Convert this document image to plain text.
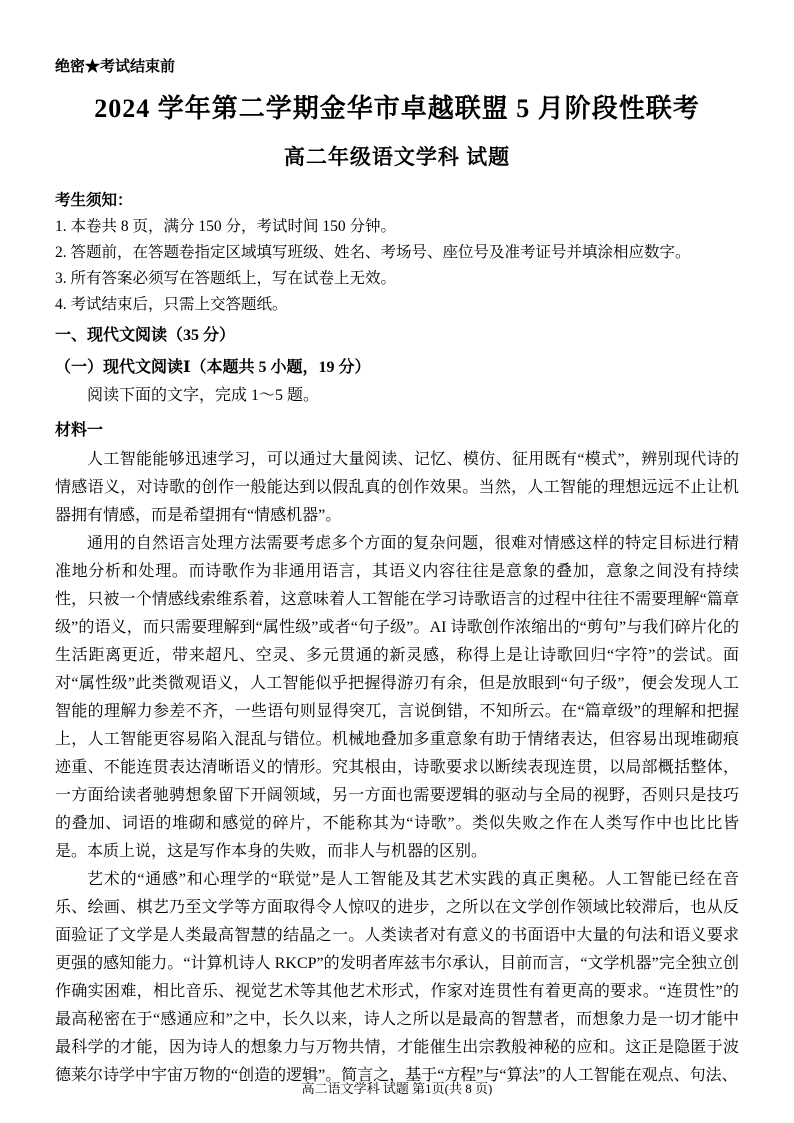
绝密★考试结束前
2024 学年第二学期金华市卓越联盟 5 月阶段性联考
高二年级语文学科 试题
考生须知：
1. 本卷共 8 页，满分 150 分，考试时间 150 分钟。
2. 答题前，在答题卷指定区域填写班级、姓名、考场号、座位号及准考证号并填涂相应数字。
3. 所有答案必须写在答题纸上，写在试卷上无效。
4. 考试结束后，只需上交答题纸。
一、现代文阅读（35 分）
（一）现代文阅读Ⅰ（本题共 5 小题，19 分）

阅读下面的文字，完成 1～5 题。

材料一

人工智能能够迅速学习，可以通过大量阅读、记忆、模仿、征用既有“模式”，辨别现代诗的情感语义，对诗歌的创作一般能达到以假乱真的创作效果。当然，人工智能的理想远远不止让机器拥有情感，而是希望拥有“情感机器”。

通用的自然语言处理方法需要考虑多个方面的复杂问题，很难对情感这样的特定目标进行精准地分析和处理。而诗歌作为非通用语言，其语义内容往往是意象的叠加，意象之间没有持续性，只被一个情感线索维系着，这意味着人工智能在学习诗歌语言的过程中往往不需要理解“篇章级”的语义，而只需要理解到“属性级”或者“句子级”。AI 诗歌创作浓缩出的“剪句”与我们碎片化的生活距离更近，带来超凡、空灵、多元贯通的新灵感，称得上是让诗歌回归“字符”的尝试。面对“属性级”此类微观语义，人工智能似乎把握得游刃有余，但是放眼到“句子级”，便会发现人工智能的理解力参差不齐，一些语句则显得突兀，言说倒错，不知所云。在“篇章级”的理解和把握上，人工智能更容易陷入混乱与错位。机械地叠加多重意象有助于情绪表达，但容易出现堆砌痕迹重、不能连贯表达清晰语义的情形。究其根由，诗歌要求以断续表现连贯，以局部概括整体，一方面给读者驰骋想象留下开阔领域，另一方面也需要逻辑的驱动与全局的视野，否则只是技巧的叠加、词语的堆砌和感觉的碎片，不能称其为“诗歌”。类似失败之作在人类写作中也比比皆是。本质上说，这是写作本身的失败，而非人与机器的区别。

艺术的“通感”和心理学的“联觉”是人工智能及其艺术实践的真正奥秘。人工智能已经在音乐、绘画、棋艺乃至文学等方面取得令人惊叹的进步，之所以在文学创作领域比较滞后，也从反面验证了文学是人类最高智慧的结晶之一。人类读者对有意义的书面语中大量的句法和语义要求更强的感知能力。“计算机诗人 RKCP”的发明者库兹韦尔承认，目前而言，“文学机器”完全独立创作确实困难，相比音乐、视觉艺术等其他艺术形式，作家对连贯性有着更高的要求。“连贯性”的最高秘密在于“感通应和”之中，长久以来，诗人之所以是最高的智慧者，而想象力是一切才能中最科学的才能，因为诗人的想象力与万物共情，才能催生出宗教般神秘的应和。这正是隐匿于波德莱尔诗学中宇宙万物的“创造的逻辑”。简言之，基于“方程”与“算法”的人工智能在观点、句法、

高二语文学科 试题 第1页(共 8 页)
